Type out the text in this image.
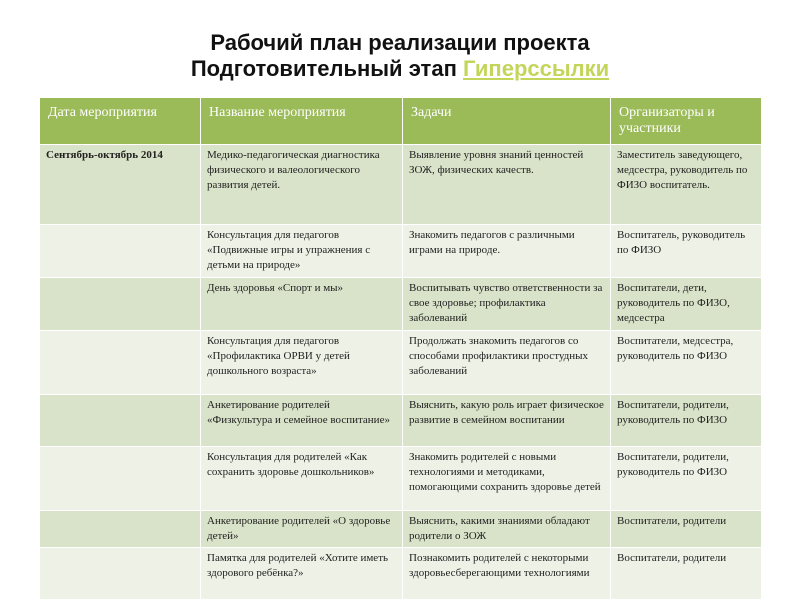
Рабочий план реализации проекта
Подготовительный этап Гиперссылки
Дата мероприятия	Название мероприятия	Задачи	Организаторы и участники
Сентябрь-октябрь 2014	Медико-педагогическая диагностика физического и валеологического развития детей.	Выявление уровня знаний ценностей ЗОЖ, физических качеств.	Заместитель заведующего, медсестра, руководитель по ФИЗО воспитатель.
	Консультация для педагогов «Подвижные игры и упражнения с детьми на природе»	Знакомить педагогов с различными играми на природе.	Воспитатель, руководитель по ФИЗО
	День здоровья «Спорт и мы»	Воспитывать чувство ответственности за свое здоровье; профилактика заболеваний	Воспитатели, дети, руководитель по ФИЗО, медсестра
	Консультация для педагогов «Профилактика ОРВИ у детей дошкольного возраста»	Продолжать знакомить педагогов со способами профилактики простудных заболеваний	Воспитатели, медсестра, руководитель по ФИЗО
	Анкетирование родителей «Физкультура и семейное воспитание»	Выяснить, какую роль играет физическое развитие в семейном воспитании	Воспитатели, родители, руководитель по ФИЗО
	Консультация для родителей «Как сохранить здоровье дошкольников»	Знакомить родителей с новыми технологиями и методиками, помогающими сохранить здоровье детей	Воспитатели, родители, руководитель по ФИЗО
	Анкетирование родителей «О здоровье детей»	Выяснить, какими знаниями обладают родители о ЗОЖ	Воспитатели, родители
	Памятка для родителей «Хотите иметь здорового ребёнка?»	Познакомить родителей с некоторыми здоровьесберегающими технологиями	Воспитатели, родители
